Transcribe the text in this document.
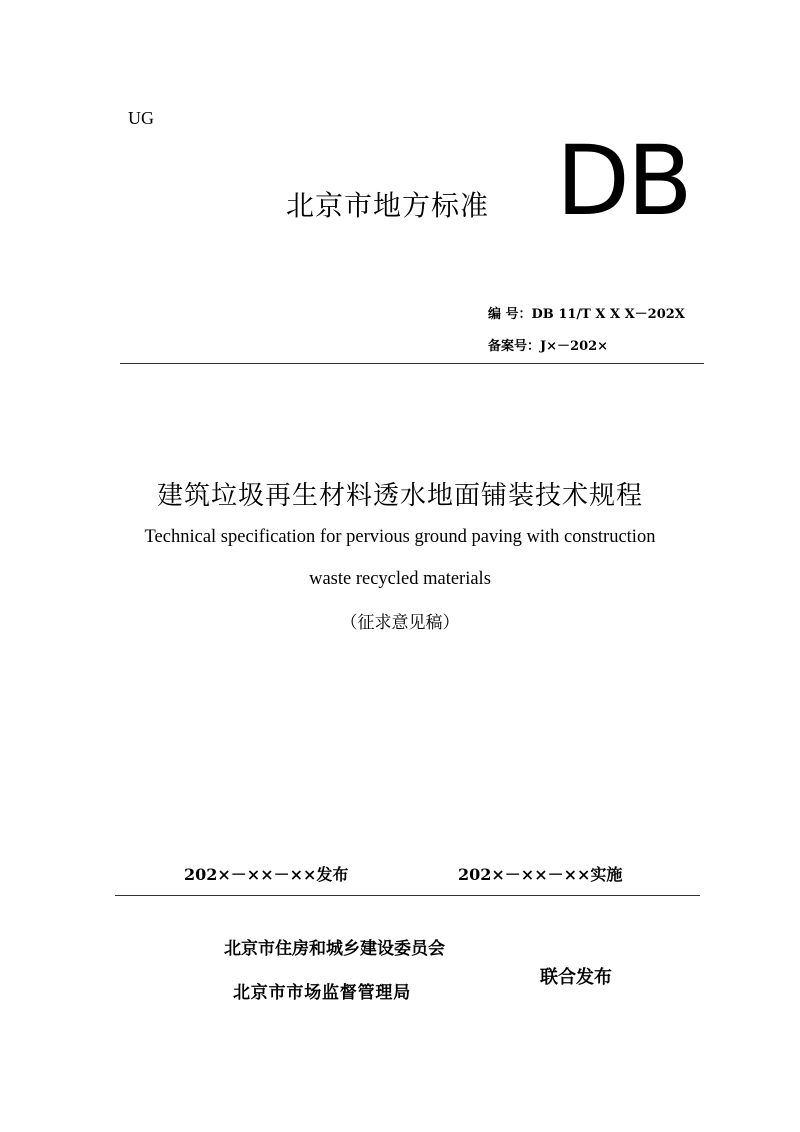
UG
北京市地方标准 DB
编 号：DB 11/T X X X－202X
备案号：J×－202×
建筑垃圾再生材料透水地面铺装技术规程
Technical specification for pervious ground paving with construction
waste recycled materials
（征求意见稿）
202×－××－××发布	202×－××－××实施
北京市住房和城乡建设委员会
北京市市场监督管理局
联合发布
